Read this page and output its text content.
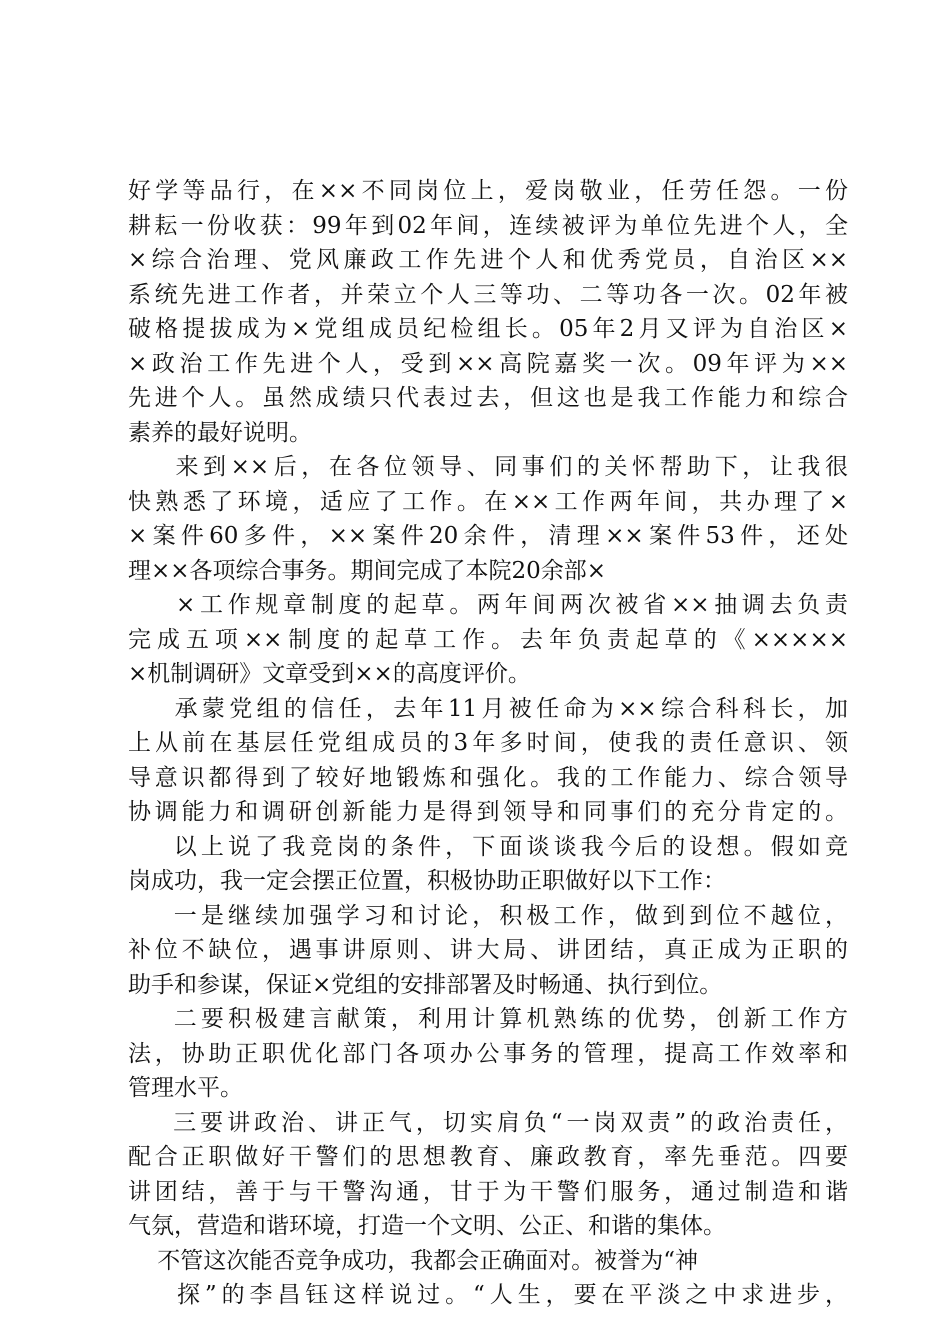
好学等品行，在××不同岗位上，爱岗敬业，任劳任怨。一份
耕耘一份收获：99年到02年间，连续被评为单位先进个人，全
×综合治理、党风廉政工作先进个人和优秀党员，自治区××
系统先进工作者，并荣立个人三等功、二等功各一次。02年被
破格提拔成为×党组成员纪检组长。05年2月又评为自治区×
×政治工作先进个人，受到××高院嘉奖一次。09年评为××
先进个人。虽然成绩只代表过去，但这也是我工作能力和综合
素养的最好说明。
来到××后，在各位领导、同事们的关怀帮助下，让我很
快熟悉了环境，适应了工作。在××工作两年间，共办理了×
×案件60多件，××案件20余件，清理××案件53件，还处
理××各项综合事务。期间完成了本院20余部×
×工作规章制度的起草。两年间两次被省××抽调去负责
完成五项××制度的起草工作。去年负责起草的《×××××
×机制调研》文章受到××的高度评价。
承蒙党组的信任，去年11月被任命为××综合科科长，加
上从前在基层任党组成员的3年多时间，使我的责任意识、领
导意识都得到了较好地锻炼和强化。我的工作能力、综合领导
协调能力和调研创新能力是得到领导和同事们的充分肯定的。
以上说了我竞岗的条件，下面谈谈我今后的设想。假如竞
岗成功，我一定会摆正位置，积极协助正职做好以下工作：
一是继续加强学习和讨论，积极工作，做到到位不越位，
补位不缺位，遇事讲原则、讲大局、讲团结，真正成为正职的
助手和参谋，保证×党组的安排部署及时畅通、执行到位。
二要积极建言献策，利用计算机熟练的优势，创新工作方
法，协助正职优化部门各项办公事务的管理，提高工作效率和
管理水平。
三要讲政治、讲正气，切实肩负“一岗双责”的政治责任，
配合正职做好干警们的思想教育、廉政教育，率先垂范。四要
讲团结，善于与干警沟通，甘于为干警们服务，通过制造和谐
气氛，营造和谐环境，打造一个文明、公正、和谐的集体。
不管这次能否竞争成功，我都会正确面对。被誉为“神
探”的李昌钰这样说过。“人生，要在平淡之中求进步，
